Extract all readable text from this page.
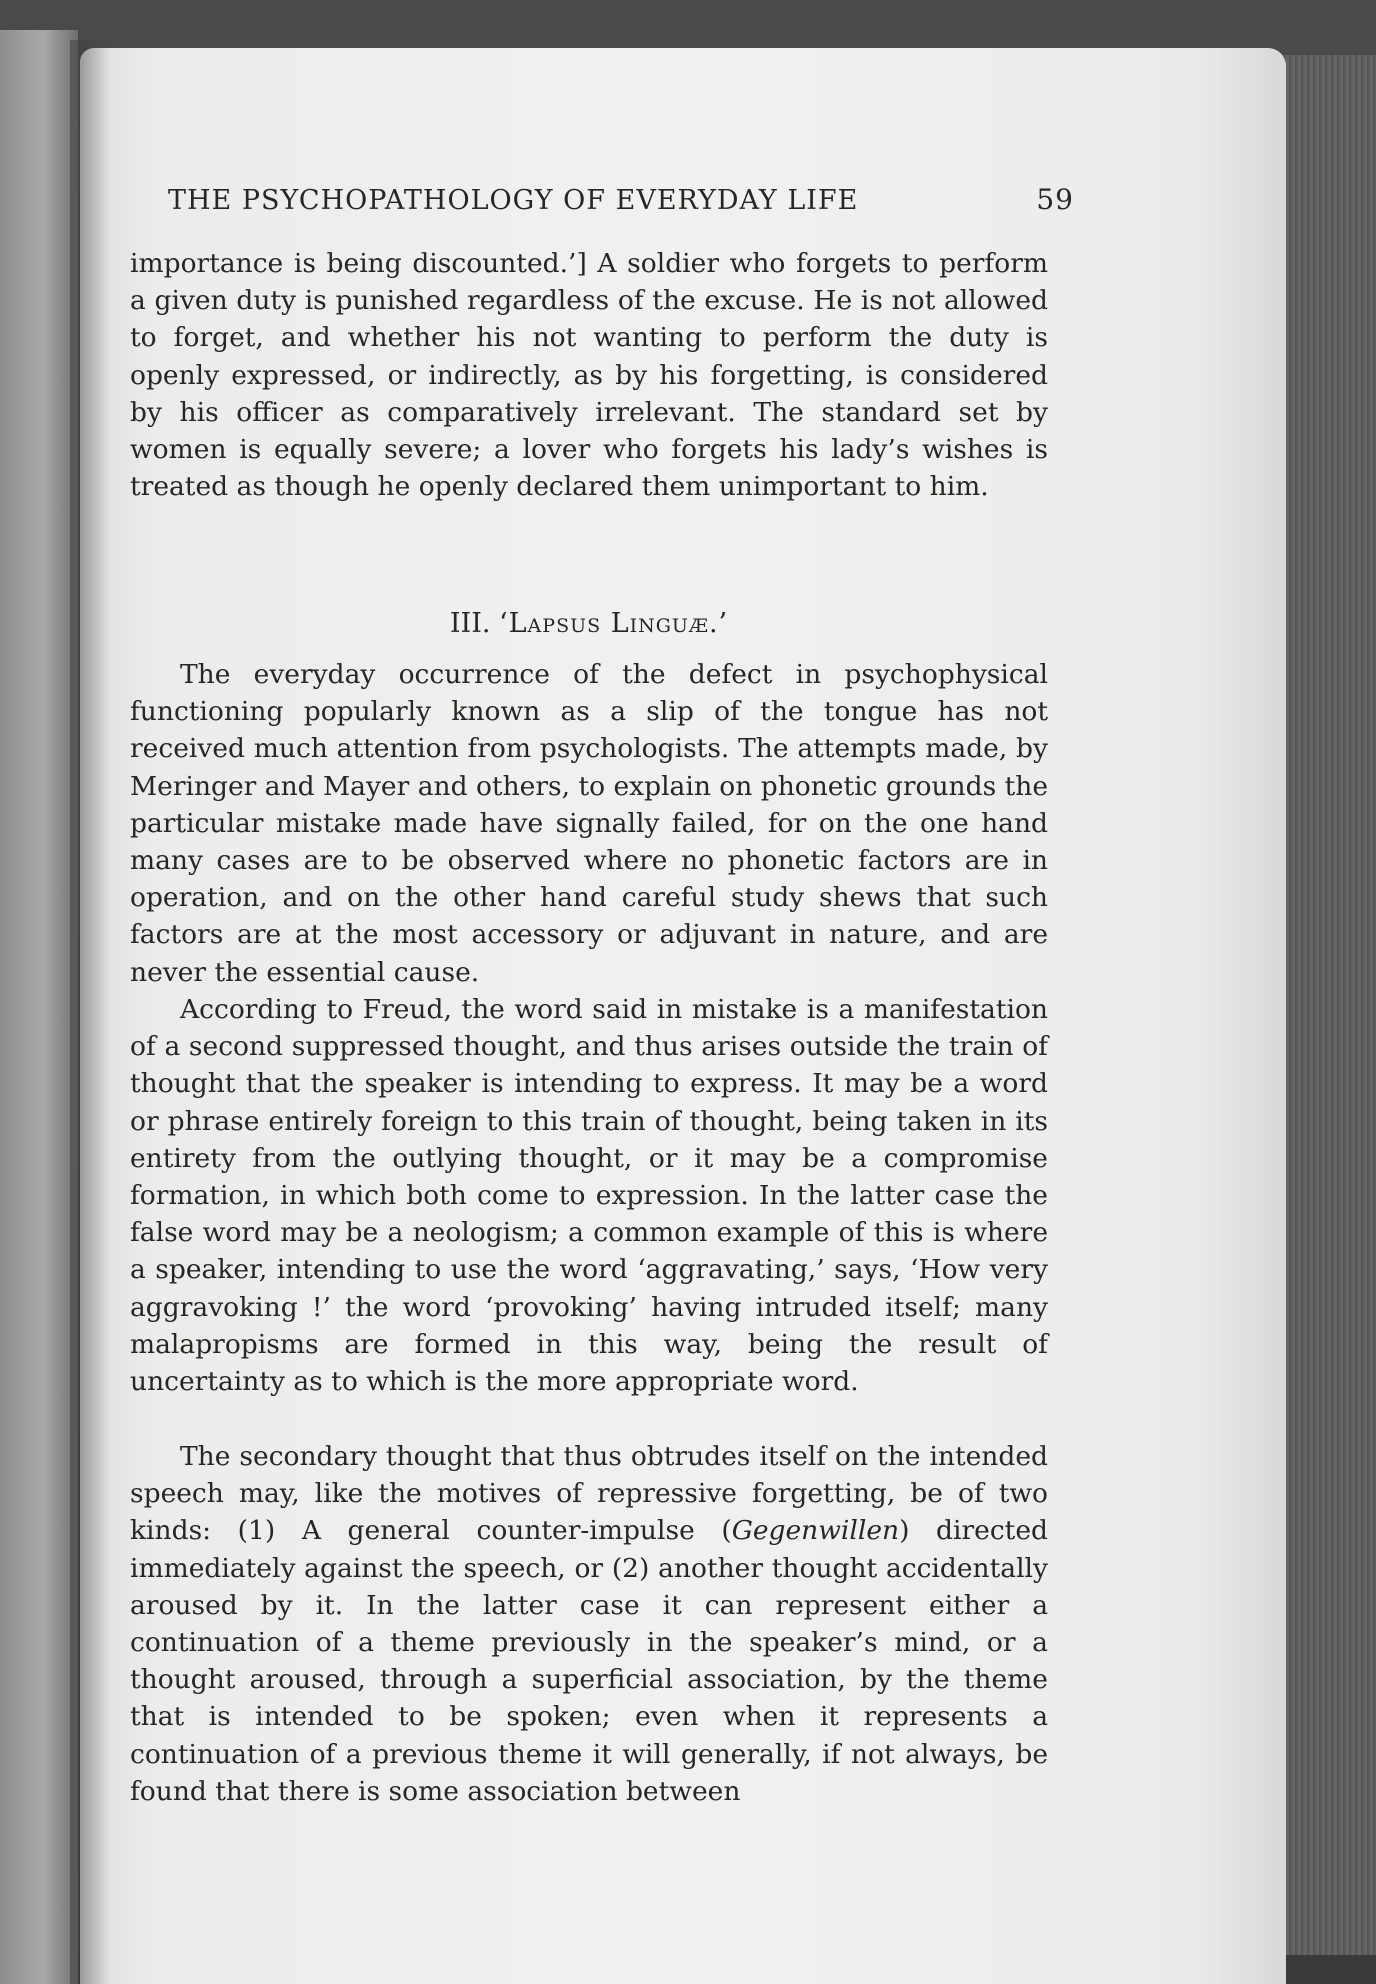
THE PSYCHOPATHOLOGY OF EVERYDAY LIFE	59

importance is being discounted.’] A soldier who forgets to perform a given duty is punished regardless of the excuse. He is not allowed to forget, and whether his not wanting to perform the duty is openly expressed, or indirectly, as by his forgetting, is considered by his officer as comparatively irrelevant. The standard set by women is equally severe; a lover who forgets his lady’s wishes is treated as though he openly declared them unimportant to him.

III. ‘Lapsus Linguæ.’

The everyday occurrence of the defect in psychophysical functioning popularly known as a slip of the tongue has not received much attention from psychologists. The attempts made, by Meringer and Mayer and others, to explain on phonetic grounds the particular mistake made have signally failed, for on the one hand many cases are to be observed where no phonetic factors are in operation, and on the other hand careful study shews that such factors are at the most accessory or adjuvant in nature, and are never the essential cause.

According to Freud, the word said in mistake is a manifestation of a second suppressed thought, and thus arises outside the train of thought that the speaker is intending to express. It may be a word or phrase entirely foreign to this train of thought, being taken in its entirety from the outlying thought, or it may be a compromise formation, in which both come to expression. In the latter case the false word may be a neologism; a common example of this is where a speaker, intending to use the word ‘aggravating,’ says, ‘How very aggravoking !’ the word ‘provoking’ having intruded itself; many malapropisms are formed in this way, being the result of uncertainty as to which is the more appropriate word.

The secondary thought that thus obtrudes itself on the intended speech may, like the motives of repressive forgetting, be of two kinds: (1) A general counter-impulse (Gegenwillen) directed immediately against the speech, or (2) another thought accidentally aroused by it. In the latter case it can represent either a continuation of a theme previously in the speaker’s mind, or a thought aroused, through a superficial association, by the theme that is intended to be spoken; even when it represents a continuation of a previous theme it will generally, if not always, be found that there is some association between
